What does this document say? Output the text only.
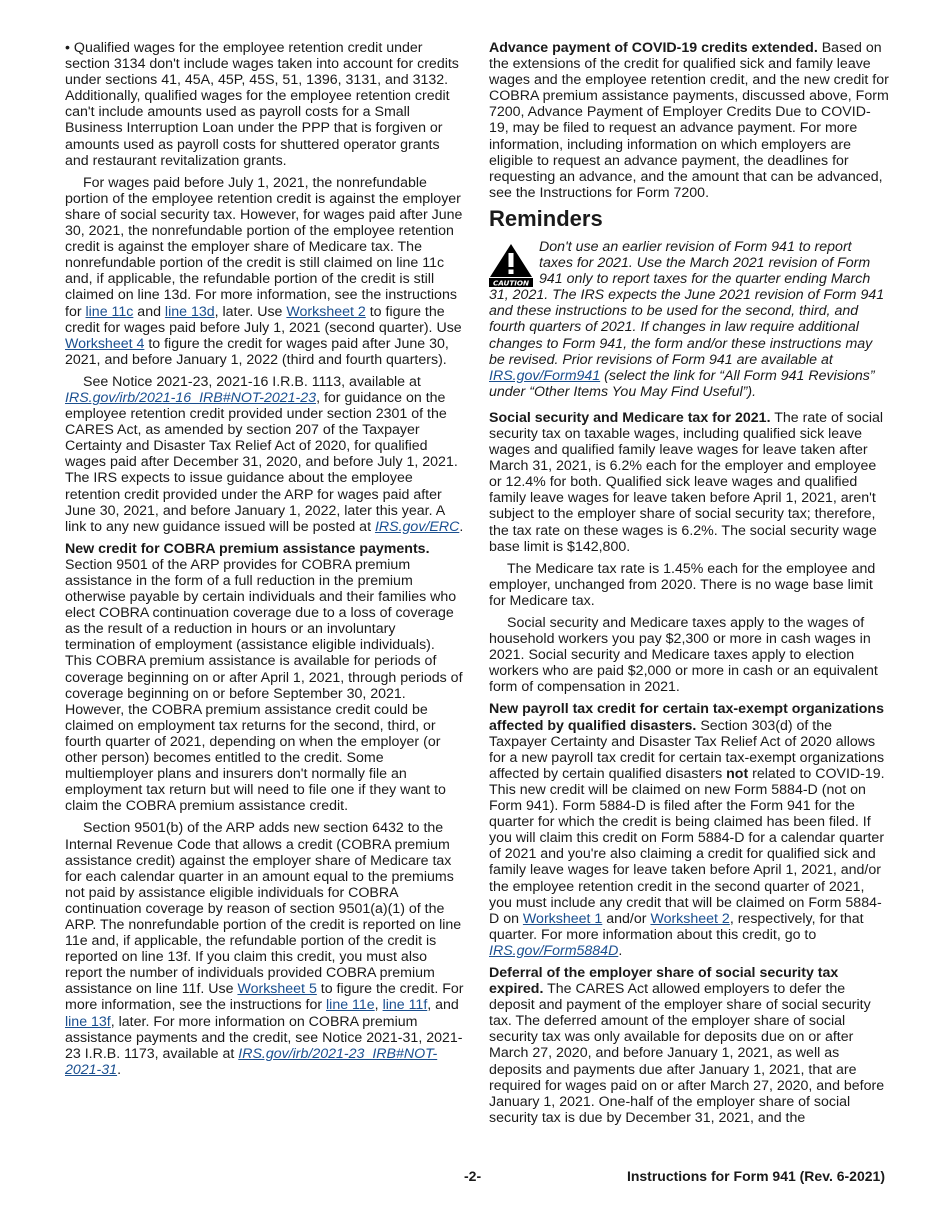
• Qualified wages for the employee retention credit under section 3134 don't include wages taken into account for credits under sections 41, 45A, 45P, 45S, 51, 1396, 3131, and 3132. Additionally, qualified wages for the employee retention credit can't include amounts used as payroll costs for a Small Business Interruption Loan under the PPP that is forgiven or amounts used as payroll costs for shuttered operator grants and restaurant revitalization grants.

For wages paid before July 1, 2021, the nonrefundable portion of the employee retention credit is against the employer share of social security tax. However, for wages paid after June 30, 2021, the nonrefundable portion of the employee retention credit is against the employer share of Medicare tax. The nonrefundable portion of the credit is still claimed on line 11c and, if applicable, the refundable portion of the credit is still claimed on line 13d. For more information, see the instructions for line 11c and line 13d, later. Use Worksheet 2 to figure the credit for wages paid before July 1, 2021 (second quarter). Use Worksheet 4 to figure the credit for wages paid after June 30, 2021, and before January 1, 2022 (third and fourth quarters).

See Notice 2021-23, 2021-16 I.R.B. 1113, available at IRS.gov/irb/2021-16_IRB#NOT-2021-23, for guidance on the employee retention credit provided under section 2301 of the CARES Act, as amended by section 207 of the Taxpayer Certainty and Disaster Tax Relief Act of 2020, for qualified wages paid after December 31, 2020, and before July 1, 2021. The IRS expects to issue guidance about the employee retention credit provided under the ARP for wages paid after June 30, 2021, and before January 1, 2022, later this year. A link to any new guidance issued will be posted at IRS.gov/ERC.

New credit for COBRA premium assistance payments. Section 9501 of the ARP provides for COBRA premium assistance in the form of a full reduction in the premium otherwise payable by certain individuals and their families who elect COBRA continuation coverage due to a loss of coverage as the result of a reduction in hours or an involuntary termination of employment (assistance eligible individuals). This COBRA premium assistance is available for periods of coverage beginning on or after April 1, 2021, through periods of coverage beginning on or before September 30, 2021. However, the COBRA premium assistance credit could be claimed on employment tax returns for the second, third, or fourth quarter of 2021, depending on when the employer (or other person) becomes entitled to the credit. Some multiemployer plans and insurers don't normally file an employment tax return but will need to file one if they want to claim the COBRA premium assistance credit.

Section 9501(b) of the ARP adds new section 6432 to the Internal Revenue Code that allows a credit (COBRA premium assistance credit) against the employer share of Medicare tax for each calendar quarter in an amount equal to the premiums not paid by assistance eligible individuals for COBRA continuation coverage by reason of section 9501(a)(1) of the ARP. The nonrefundable portion of the credit is reported on line 11e and, if applicable, the refundable portion of the credit is reported on line 13f. If you claim this credit, you must also report the number of individuals provided COBRA premium assistance on line 11f. Use Worksheet 5 to figure the credit. For more information, see the instructions for line 11e, line 11f, and line 13f, later. For more information on COBRA premium assistance payments and the credit, see Notice 2021-31, 2021-23 I.R.B. 1173, available at IRS.gov/irb/2021-23_IRB#NOT-2021-31.

Advance payment of COVID-19 credits extended. Based on the extensions of the credit for qualified sick and family leave wages and the employee retention credit, and the new credit for COBRA premium assistance payments, discussed above, Form 7200, Advance Payment of Employer Credits Due to COVID-19, may be filed to request an advance payment. For more information, including information on which employers are eligible to request an advance payment, the deadlines for requesting an advance, and the amount that can be advanced, see the Instructions for Form 7200.

Reminders
CAUTION
Don't use an earlier revision of Form 941 to report taxes for 2021. Use the March 2021 revision of Form 941 only to report taxes for the quarter ending March 31, 2021. The IRS expects the June 2021 revision of Form 941 and these instructions to be used for the second, third, and fourth quarters of 2021. If changes in law require additional changes to Form 941, the form and/or these instructions may be revised. Prior revisions of Form 941 are available at IRS.gov/Form941 (select the link for “All Form 941 Revisions” under “Other Items You May Find Useful”).

Social security and Medicare tax for 2021. The rate of social security tax on taxable wages, including qualified sick leave wages and qualified family leave wages for leave taken after March 31, 2021, is 6.2% each for the employer and employee or 12.4% for both. Qualified sick leave wages and qualified family leave wages for leave taken before April 1, 2021, aren't subject to the employer share of social security tax; therefore, the tax rate on these wages is 6.2%. The social security wage base limit is $142,800.

The Medicare tax rate is 1.45% each for the employee and employer, unchanged from 2020. There is no wage base limit for Medicare tax.

Social security and Medicare taxes apply to the wages of household workers you pay $2,300 or more in cash wages in 2021. Social security and Medicare taxes apply to election workers who are paid $2,000 or more in cash or an equivalent form of compensation in 2021.

New payroll tax credit for certain tax-exempt organizations affected by qualified disasters. Section 303(d) of the Taxpayer Certainty and Disaster Tax Relief Act of 2020 allows for a new payroll tax credit for certain tax-exempt organizations affected by certain qualified disasters not related to COVID-19. This new credit will be claimed on new Form 5884-D (not on Form 941). Form 5884-D is filed after the Form 941 for the quarter for which the credit is being claimed has been filed. If you will claim this credit on Form 5884-D for a calendar quarter of 2021 and you're also claiming a credit for qualified sick and family leave wages for leave taken before April 1, 2021, and/or the employee retention credit in the second quarter of 2021, you must include any credit that will be claimed on Form 5884-D on Worksheet 1 and/or Worksheet 2, respectively, for that quarter. For more information about this credit, go to IRS.gov/Form5884D.

Deferral of the employer share of social security tax expired. The CARES Act allowed employers to defer the deposit and payment of the employer share of social security tax. The deferred amount of the employer share of social security tax was only available for deposits due on or after March 27, 2020, and before January 1, 2021, as well as deposits and payments due after January 1, 2021, that are required for wages paid on or after March 27, 2020, and before January 1, 2021. One-half of the employer share of social security tax is due by December 31, 2021, and the

-2-	Instructions for Form 941 (Rev. 6-2021)
